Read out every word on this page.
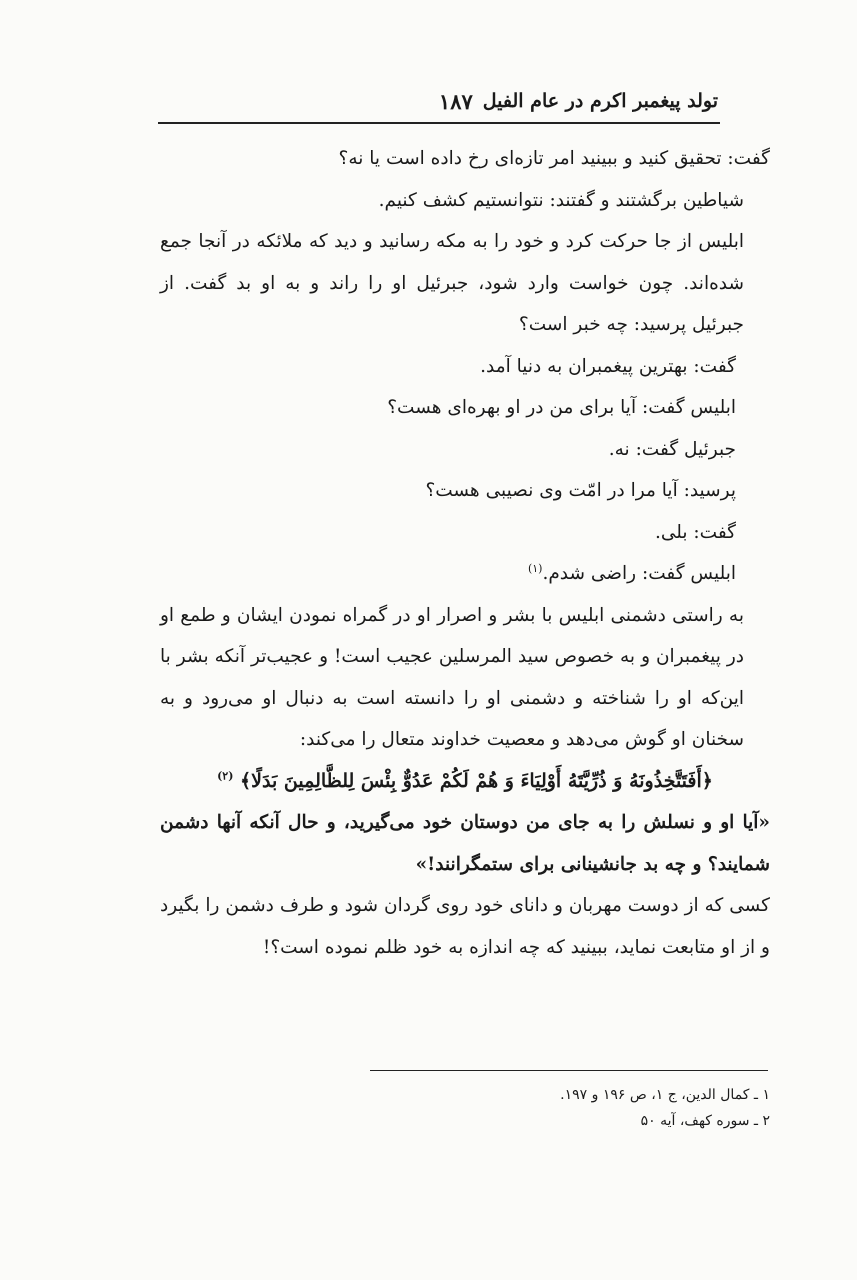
تولد پیغمبر اکرم در عام الفیل
۱۸۷

گفت: تحقیق کنید و ببینید امر تازه‌ای رخ داده است یا نه؟

شیاطین برگشتند و گفتند: نتوانستیم کشف کنیم.

ابلیس از جا حرکت کرد و خود را به مکه رسانید و دید که ملائکه در آنجا جمع شده‌اند. چون خواست وارد شود، جبرئیل او را راند و به او بد گفت. از جبرئیل پرسید: چه خبر است؟

گفت: بهترین پیغمبران به دنیا آمد.

ابلیس گفت: آیا برای من در او بهره‌ای هست؟

جبرئیل گفت: نه.

پرسید: آیا مرا در امّت وی نصیبی هست؟

گفت: بلی.

ابلیس گفت: راضی شدم.$^{(۱)}$

به راستی دشمنی ابلیس با بشر و اصرار او در گمراه نمودن ایشان و طمع او در پیغمبران و به خصوص سید المرسلین عجیب است! و عجیب‌تر آنکه بشر با این‌که او را شناخته و دشمنی او را دانسته است به دنبال او می‌رود و به سخنان او گوش می‌دهد و معصیت خداوند متعال را می‌کند:

﴿أَفَتَتَّخِذُونَهُ وَ ذُرِّيَّتَهُ أَوْلِيَاءَ وَ هُمْ لَكُمْ عَدُوٌّ بِئْسَ لِلظَّالِمِينَ بَدَلًا﴾ $^{(۲)}$

«آیا او و نسلش را به جای من دوستان خود می‌گیرید، و حال آنکه آنها دشمن شمایند؟ و چه بد جانشینانی برای ستمگرانند!»

کسی که از دوست مهربان و دانای خود روی گردان شود و طرف دشمن را بگیرد و از او متابعت نماید، ببینید که چه اندازه به خود ظلم نموده است؟!

۱ ـ کمال الدین، ج ۱، ص ۱۹۶ و ۱۹۷.
۲ ـ سوره کهف، آیه ۵۰
